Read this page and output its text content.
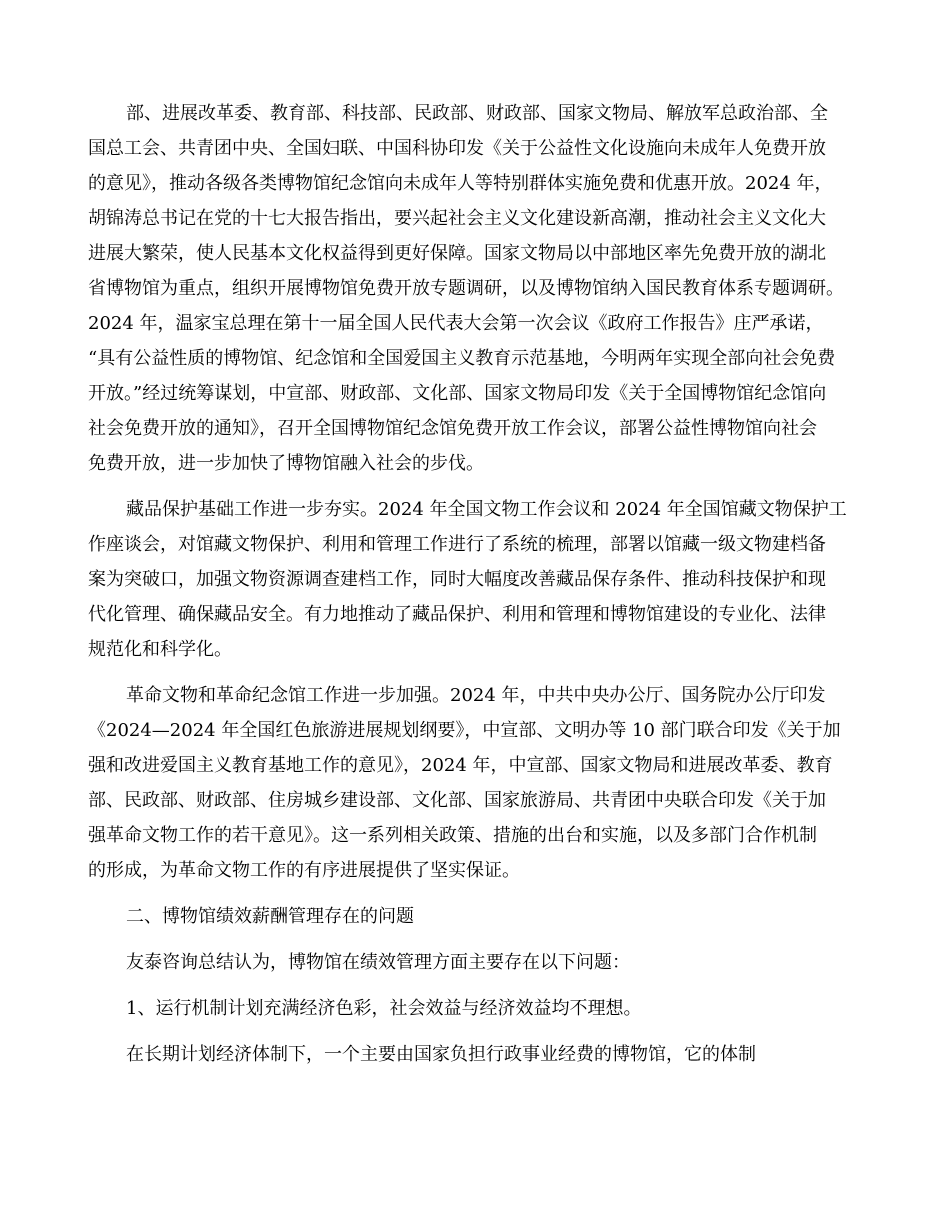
部、进展改革委、教育部、科技部、民政部、财政部、国家文物局、解放军总政治部、全
国总工会、共青团中央、全国妇联、中国科协印发《关于公益性文化设施向未成年人免费开放
的意见》，推动各级各类博物馆纪念馆向未成年人等特别群体实施免费和优惠开放。2024 年，
胡锦涛总书记在党的十七大报告指出，要兴起社会主义文化建设新高潮，推动社会主义文化大
进展大繁荣，使人民基本文化权益得到更好保障。国家文物局以中部地区率先免费开放的湖北
省博物馆为重点，组织开展博物馆免费开放专题调研，以及博物馆纳入国民教育体系专题调研。
2024 年，温家宝总理在第十一届全国人民代表大会第一次会议《政府工作报告》庄严承诺，
“具有公益性质的博物馆、纪念馆和全国爱国主义教育示范基地，今明两年实现全部向社会免费
开放。”经过统筹谋划，中宣部、财政部、文化部、国家文物局印发《关于全国博物馆纪念馆向
社会免费开放的通知》，召开全国博物馆纪念馆免费开放工作会议，部署公益性博物馆向社会
免费开放，进一步加快了博物馆融入社会的步伐。
藏品保护基础工作进一步夯实。2024 年全国文物工作会议和 2024 年全国馆藏文物保护工
作座谈会，对馆藏文物保护、利用和管理工作进行了系统的梳理，部署以馆藏一级文物建档备
案为突破口，加强文物资源调查建档工作，同时大幅度改善藏品保存条件、推动科技保护和现
代化管理、确保藏品安全。有力地推动了藏品保护、利用和管理和博物馆建设的专业化、法律
规范化和科学化。
革命文物和革命纪念馆工作进一步加强。2024 年，中共中央办公厅、国务院办公厅印发
《2024—2024 年全国红色旅游进展规划纲要》，中宣部、文明办等 10 部门联合印发《关于加
强和改进爱国主义教育基地工作的意见》，2024 年，中宣部、国家文物局和进展改革委、教育
部、民政部、财政部、住房城乡建设部、文化部、国家旅游局、共青团中央联合印发《关于加
强革命文物工作的若干意见》。这一系列相关政策、措施的出台和实施，以及多部门合作机制
的形成，为革命文物工作的有序进展提供了坚实保证。
二、博物馆绩效薪酬管理存在的问题
友泰咨询总结认为，博物馆在绩效管理方面主要存在以下问题：
1、运行机制计划充满经济色彩，社会效益与经济效益均不理想。
在长期计划经济体制下，一个主要由国家负担行政事业经费的博物馆，它的体制
